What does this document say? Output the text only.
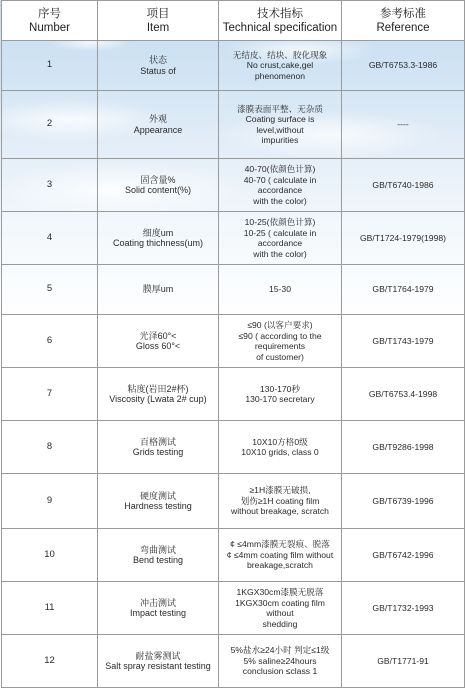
序号
Number	项目
Item	技术指标
Technical specification	参考标准
Reference

1	状态
Status of	无结皮、结块、胶化现象
No crust,cake,gel phenomenon	GB/T6753.3-1986
2	外观
Appearance	漆膜表面平整、无杂质
Coating surface is level,without
impurities	----
3	固含量%
Solid content(%)	40-70(依颜色计算)
40-70 ( calculate in accordance
with the color)	GB/T6740-1986
4	细度um
Coating thichness(um)	10-25(依颜色计算)
10-25 ( calculate in accordance
with the color)	GB/T1724-1979(1998)
5	膜厚um	15-30	GB/T1764-1979
6	光泽60°<
Gloss 60°<	≤90 (以客户要求)
≤90 ( according to the requirements
of customer)	GB/T1743-1979
7	粘度(岩田2#杯)
Viscosity (Lwata 2# cup)	130-170秒
130-170 secretary	GB/T6753.4-1998
8	百格测试
Grids testing	10X10方格0级
10X10 grids, class 0	GB/T9286-1998
9	硬度测试
Hardness testing	≥1H漆膜无破损,
划伤≥1H coating film
without breakage, scratch	GB/T6739-1996
10	弯曲测试
Bend testing	¢ ≤4mm漆膜无裂痕、脱落
¢ ≤4mm coating film without
breakage,scratch	GB/T6742-1996
11	冲击测试
Impact testing	1KGX30cm漆膜无脱落
1KGX30cm coating film without
shedding	GB/T1732-1993
12	耐盐雾测试
Salt spray resistant testing	5%盐水≥24小时 判定≤1级
5% saline≥24hours
conclusion ≤class 1	GB/T1771-91
